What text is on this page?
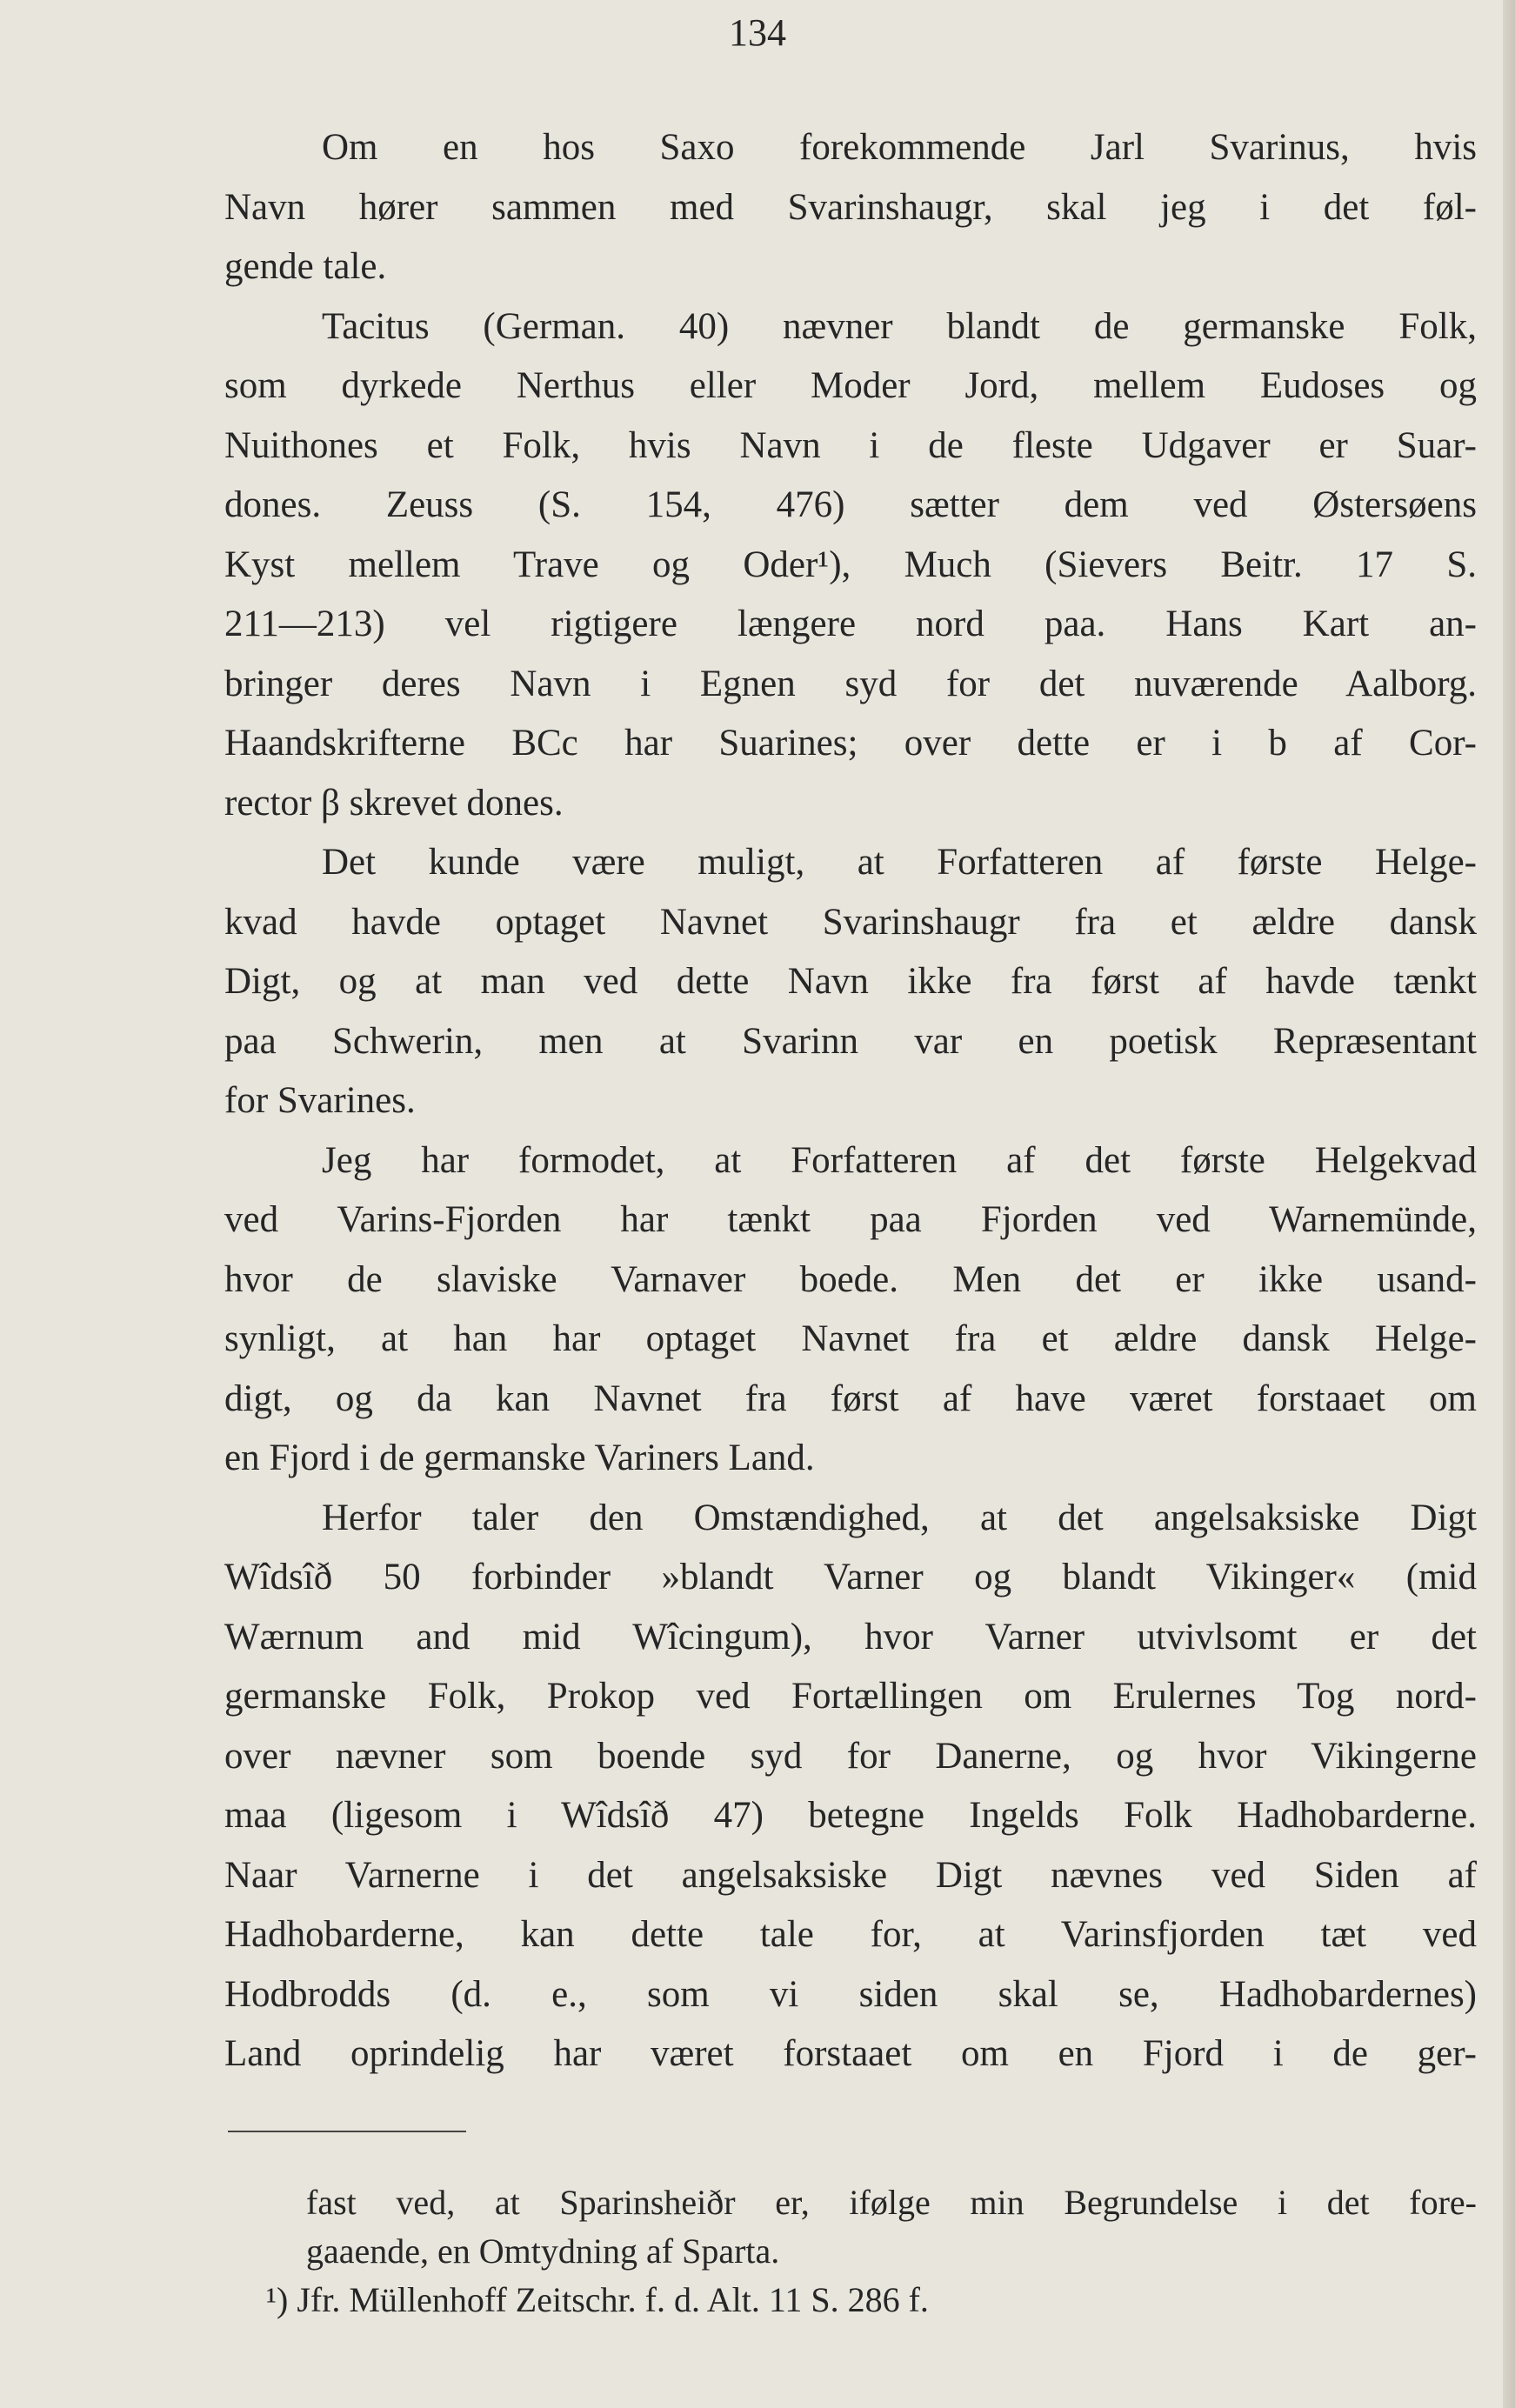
134
Om en hos Saxo forekommende Jarl Svarinus, hvis
Navn hører sammen med Svarinshaugr, skal jeg i det føl-
gende tale.
Tacitus (German. 40) nævner blandt de germanske Folk,
som dyrkede Nerthus eller Moder Jord, mellem Eudoses og
Nuithones et Folk, hvis Navn i de fleste Udgaver er Suar-
dones. Zeuss (S. 154, 476) sætter dem ved Østersøens
Kyst mellem Trave og Oder¹), Much (Sievers Beitr. 17 S.
211—213) vel rigtigere længere nord paa. Hans Kart an-
bringer deres Navn i Egnen syd for det nuværende Aalborg.
Haandskrifterne BCc har Suarines; over dette er i b af Cor-
rector β skrevet dones.
Det kunde være muligt, at Forfatteren af første Helge-
kvad havde optaget Navnet Svarinshaugr fra et ældre dansk
Digt, og at man ved dette Navn ikke fra først af havde tænkt
paa Schwerin, men at Svarinn var en poetisk Repræsentant
for Svarines.
Jeg har formodet, at Forfatteren af det første Helgekvad
ved Varins-Fjorden har tænkt paa Fjorden ved Warnemünde,
hvor de slaviske Varnaver boede. Men det er ikke usand-
synligt, at han har optaget Navnet fra et ældre dansk Helge-
digt, og da kan Navnet fra først af have været forstaaet om
en Fjord i de germanske Variners Land.
Herfor taler den Omstændighed, at det angelsaksiske Digt
Wîdsîð 50 forbinder »blandt Varner og blandt Vikinger« (mid
Wærnum and mid Wîcingum), hvor Varner utvivlsomt er det
germanske Folk, Prokop ved Fortællingen om Erulernes Tog nord-
over nævner som boende syd for Danerne, og hvor Vikingerne
maa (ligesom i Wîdsîð 47) betegne Ingelds Folk Hadhobarderne.
Naar Varnerne i det angelsaksiske Digt nævnes ved Siden af
Hadhobarderne, kan dette tale for, at Varinsfjorden tæt ved
Hodbrodds (d. e., som vi siden skal se, Hadhobardernes)
Land oprindelig har været forstaaet om en Fjord i de ger-
fast ved, at Sparinsheiðr er, ifølge min Begrundelse i det fore-
gaaende, en Omtydning af Sparta.
¹) Jfr. Müllenhoff Zeitschr. f. d. Alt. 11 S. 286 f.
